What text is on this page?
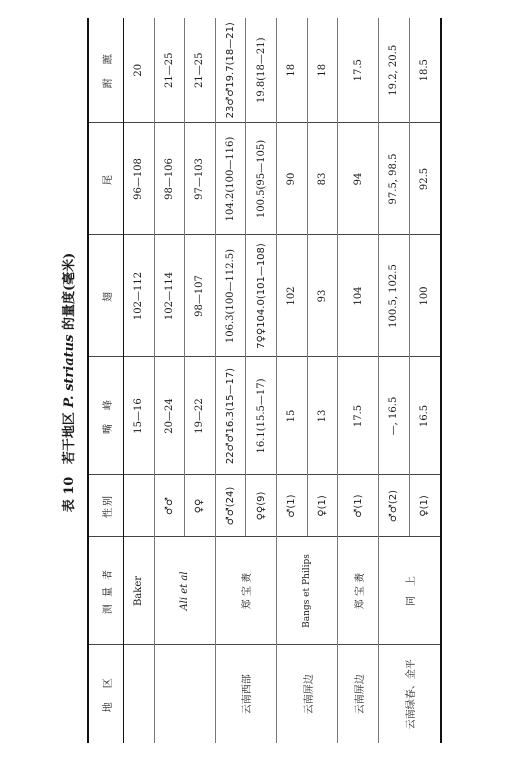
表 10 若干地区 P. striatus 的量度(毫米)
地　区	测 量 者	性别	嘴　峰	翅	尾	跗　蹠
	Baker		15—16	102—112	96—108	20
	Ali et al	♂♂	20—24	102—114	98—106	21—25
		♀♀	19—22	98—107	97—103	21—25
云南西部	郑 宝 赉	♂♂(24)	22♂♂16.3(15—17)	106.3(100—112.5)	104.2(100—116)	23♂♂19.7(18—21)
		♀♀(9)	16.1(15.5—17)	7♀♀104.0(101—108)	100.5(95—105)	19.8(18—21)
云南屏边	Bangs et Philips	♂(1)	15	102	90	18
		♀(1)	13	93	83	18
云南屏边	郑 宝 赉	♂(1)	17.5	104	94	17.5
云南绿春、金平	同　上	♂♂(2)	—, 16.5	100.5, 102.5	97.5, 98.5	19.2, 20.5
		♀(1)	16.5	100	92.5	18.5
